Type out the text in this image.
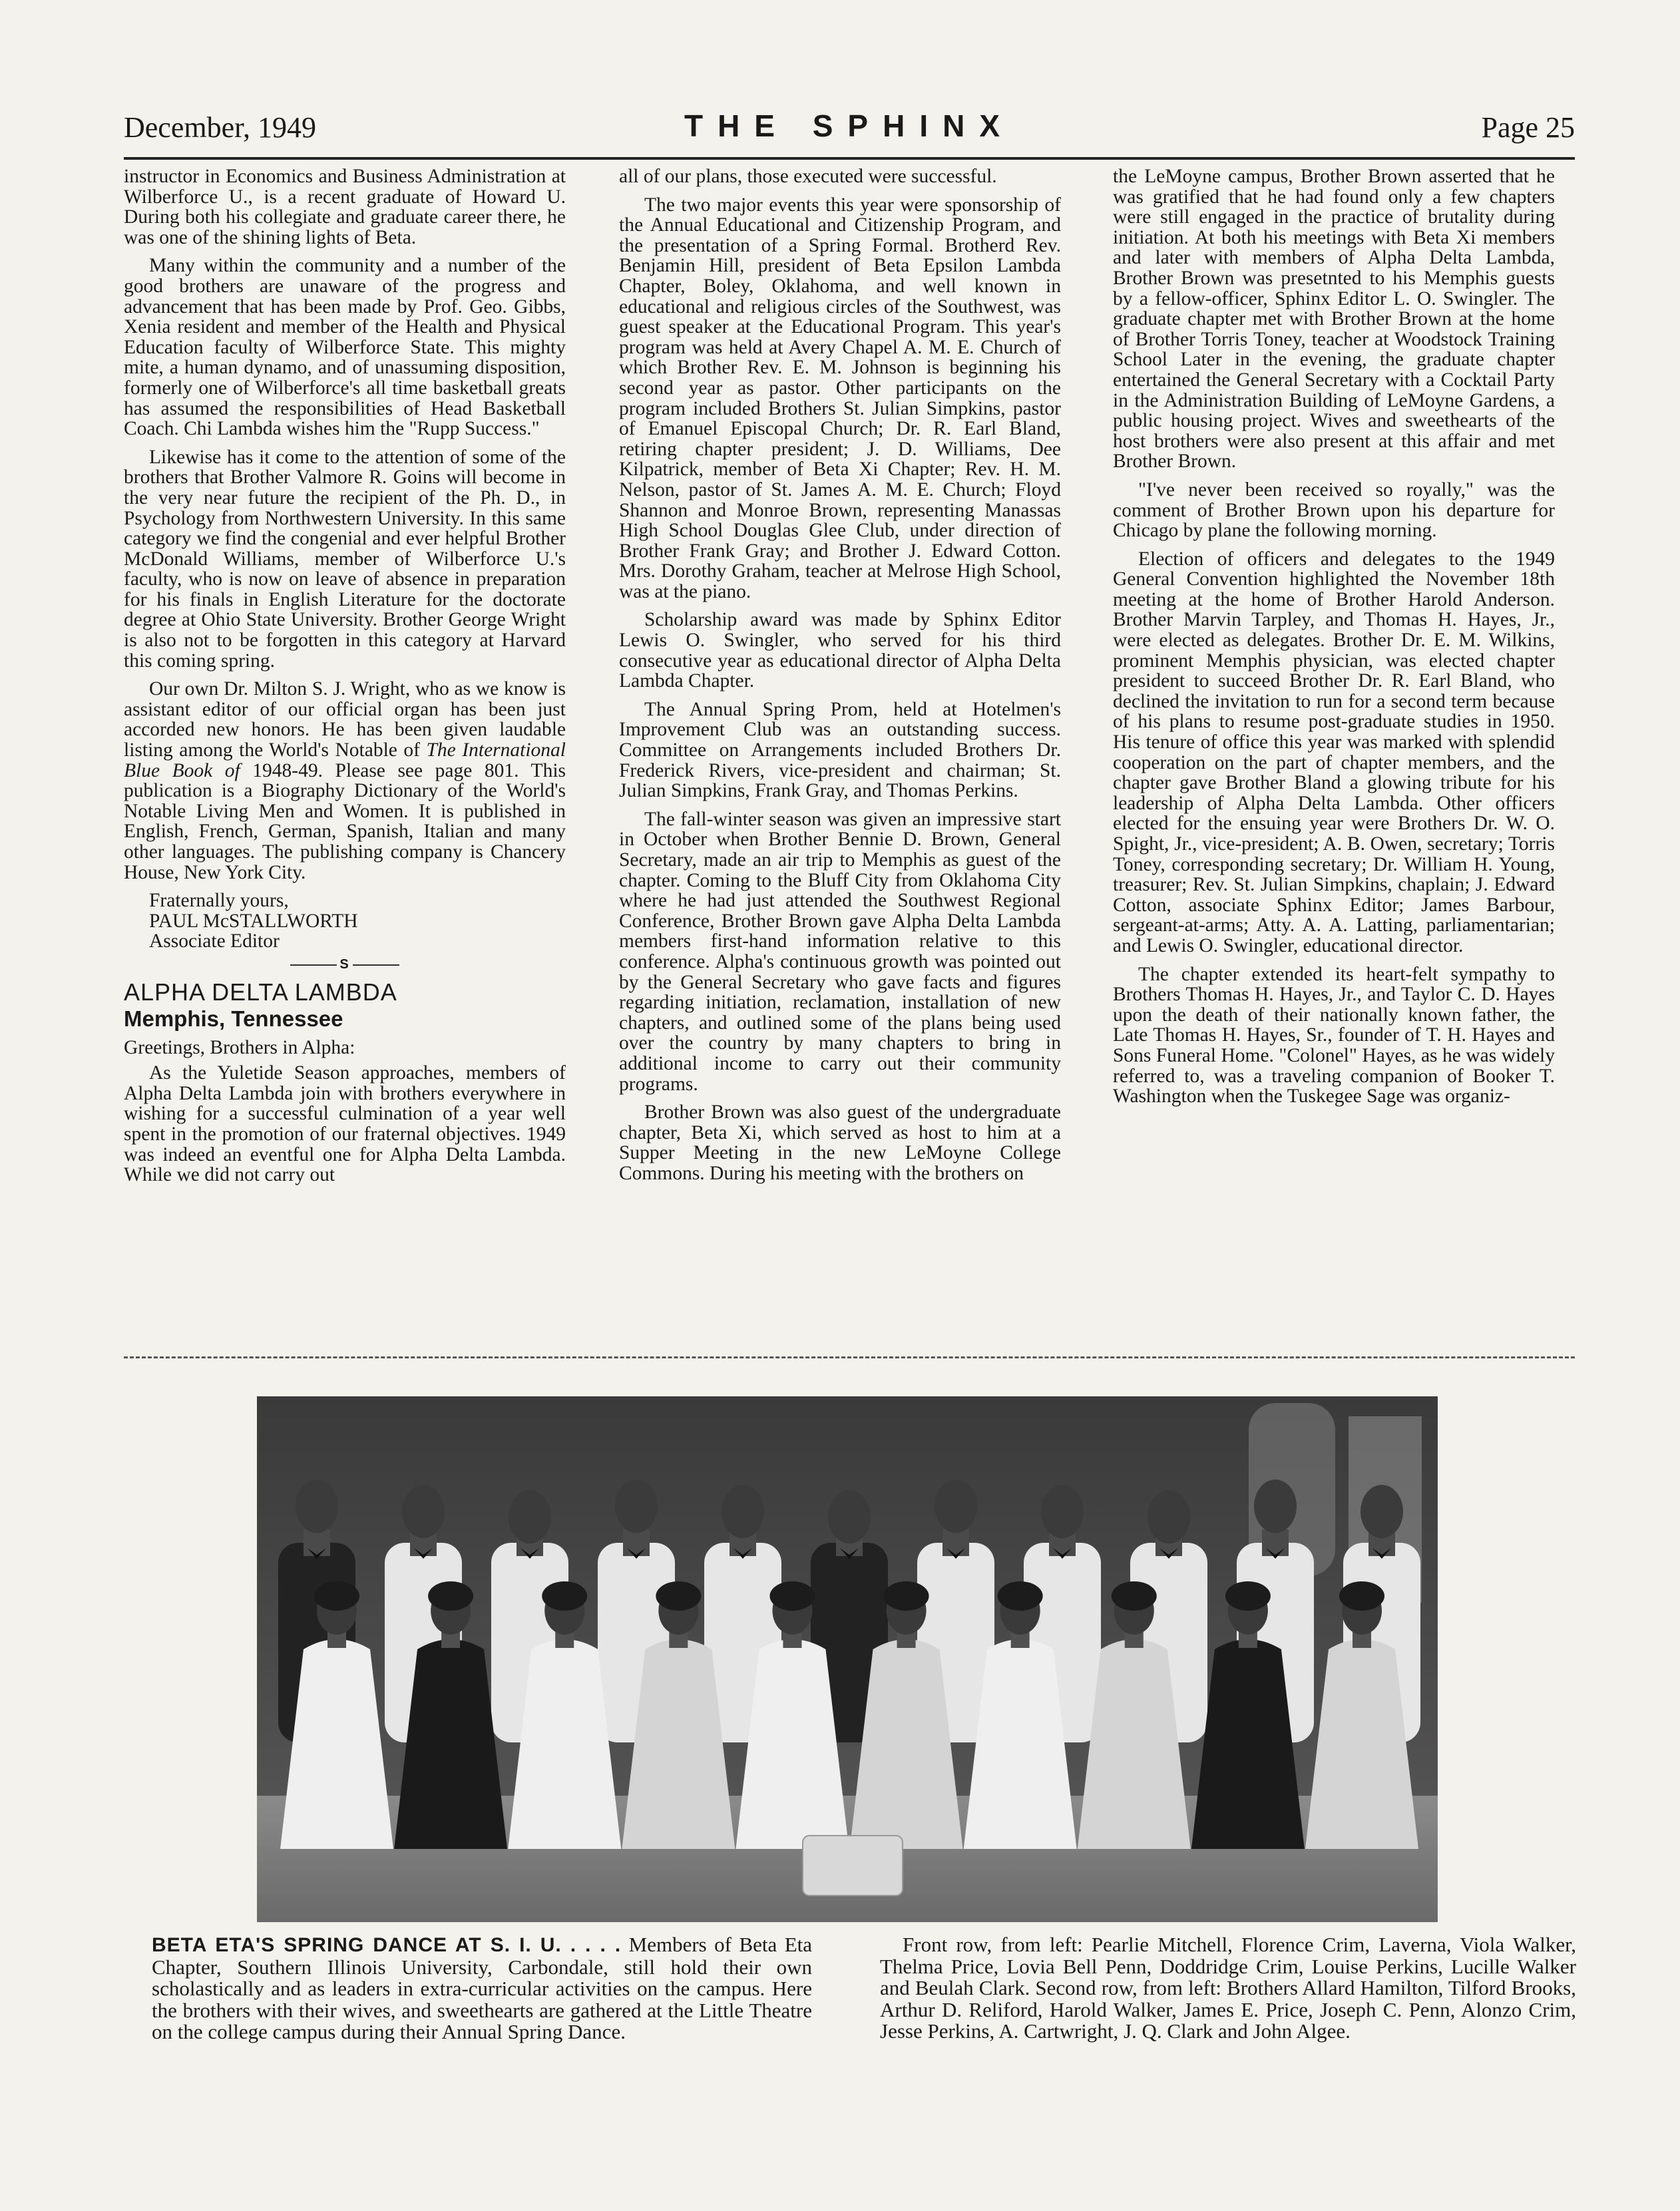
December, 1949	THE SPHINX	Page 25

instructor in Economics and Business Administration at Wilberforce U., is a recent graduate of Howard U. During both his collegiate and graduate career there, he was one of the shining lights of Beta.

Many within the community and a number of the good brothers are unaware of the progress and advancement that has been made by Prof. Geo. Gibbs, Xenia resident and member of the Health and Physical Education faculty of Wilberforce State. This mighty mite, a human dynamo, and of unassuming disposition, formerly one of Wilberforce's all time basketball greats has assumed the responsibilities of Head Basketball Coach. Chi Lambda wishes him the "Rupp Success."

Likewise has it come to the attention of some of the brothers that Brother Valmore R. Goins will become in the very near future the recipient of the Ph. D., in Psychology from Northwestern University. In this same category we find the congenial and ever helpful Brother McDonald Williams, member of Wilberforce U.'s faculty, who is now on leave of absence in preparation for his finals in English Literature for the doctorate degree at Ohio State University. Brother George Wright is also not to be forgotten in this category at Harvard this coming spring.

Our own Dr. Milton S. J. Wright, who as we know is assistant editor of our official organ has been just accorded new honors. He has been given laudable listing among the World's Notable of The International Blue Book of 1948-49. Please see page 801. This publication is a Biography Dictionary of the World's Notable Living Men and Women. It is published in English, French, German, Spanish, Italian and many other languages. The publishing company is Chancery House, New York City.

Fraternally yours,
PAUL McSTALLWORTH
Associate Editor
S
ALPHA DELTA LAMBDA
Memphis, Tennessee
Greetings, Brothers in Alpha:

As the Yuletide Season approaches, members of Alpha Delta Lambda join with brothers everywhere in wishing for a successful culmination of a year well spent in the promotion of our fraternal objectives. 1949 was indeed an eventful one for Alpha Delta Lambda. While we did not carry out

all of our plans, those executed were successful.

The two major events this year were sponsorship of the Annual Educational and Citizenship Program, and the presentation of a Spring Formal. Brotherd Rev. Benjamin Hill, president of Beta Epsilon Lambda Chapter, Boley, Oklahoma, and well known in educational and religious circles of the Southwest, was guest speaker at the Educational Program. This year's program was held at Avery Chapel A. M. E. Church of which Brother Rev. E. M. Johnson is beginning his second year as pastor. Other participants on the program included Brothers St. Julian Simpkins, pastor of Emanuel Episcopal Church; Dr. R. Earl Bland, retiring chapter president; J. D. Williams, Dee Kilpatrick, member of Beta Xi Chapter; Rev. H. M. Nelson, pastor of St. James A. M. E. Church; Floyd Shannon and Monroe Brown, representing Manassas High School Douglas Glee Club, under direction of Brother Frank Gray; and Brother J. Edward Cotton. Mrs. Dorothy Graham, teacher at Melrose High School, was at the piano.

Scholarship award was made by Sphinx Editor Lewis O. Swingler, who served for his third consecutive year as educational director of Alpha Delta Lambda Chapter.

The Annual Spring Prom, held at Hotelmen's Improvement Club was an outstanding success. Committee on Arrangements included Brothers Dr. Frederick Rivers, vice-president and chairman; St. Julian Simpkins, Frank Gray, and Thomas Perkins.

The fall-winter season was given an impressive start in October when Brother Bennie D. Brown, General Secretary, made an air trip to Memphis as guest of the chapter. Coming to the Bluff City from Oklahoma City where he had just attended the Southwest Regional Conference, Brother Brown gave Alpha Delta Lambda members first-hand information relative to this conference. Alpha's continuous growth was pointed out by the General Secretary who gave facts and figures regarding initiation, reclamation, installation of new chapters, and outlined some of the plans being used over the country by many chapters to bring in additional income to carry out their community programs.

Brother Brown was also guest of the undergraduate chapter, Beta Xi, which served as host to him at a Supper Meeting in the new LeMoyne College Commons. During his meeting with the brothers on

the LeMoyne campus, Brother Brown asserted that he was gratified that he had found only a few chapters were still engaged in the practice of brutality during initiation. At both his meetings with Beta Xi members and later with members of Alpha Delta Lambda, Brother Brown was presetnted to his Memphis guests by a fellow-officer, Sphinx Editor L. O. Swingler. The graduate chapter met with Brother Brown at the home of Brother Torris Toney, teacher at Woodstock Training School Later in the evening, the graduate chapter entertained the General Secretary with a Cocktail Party in the Administration Building of LeMoyne Gardens, a public housing project. Wives and sweethearts of the host brothers were also present at this affair and met Brother Brown.

"I've never been received so royally," was the comment of Brother Brown upon his departure for Chicago by plane the following morning.

Election of officers and delegates to the 1949 General Convention highlighted the November 18th meeting at the home of Brother Harold Anderson. Brother Marvin Tarpley, and Thomas H. Hayes, Jr., were elected as delegates. Brother Dr. E. M. Wilkins, prominent Memphis physician, was elected chapter president to succeed Brother Dr. R. Earl Bland, who declined the invitation to run for a second term because of his plans to resume post-graduate studies in 1950. His tenure of office this year was marked with splendid cooperation on the part of chapter members, and the chapter gave Brother Bland a glowing tribute for his leadership of Alpha Delta Lambda. Other officers elected for the ensuing year were Brothers Dr. W. O. Spight, Jr., vice-president; A. B. Owen, secretary; Torris Toney, corresponding secretary; Dr. William H. Young, treasurer; Rev. St. Julian Simpkins, chaplain; J. Edward Cotton, associate Sphinx Editor; James Barbour, sergeant-at-arms; Atty. A. A. Latting, parliamentarian; and Lewis O. Swingler, educational director.

The chapter extended its heart-felt sympathy to Brothers Thomas H. Hayes, Jr., and Taylor C. D. Hayes upon the death of their nationally known father, the Late Thomas H. Hayes, Sr., founder of T. H. Hayes and Sons Funeral Home. "Colonel" Hayes, as he was widely referred to, was a traveling companion of Booker T. Washington when the Tuskegee Sage was organiz-

BETA ETA'S SPRING DANCE AT S. I. U. . . . . Members of Beta Eta Chapter, Southern Illinois University, Carbondale, still hold their own scholastically and as leaders in extra-curricular activities on the campus. Here the brothers with their wives, and sweethearts are gathered at the Little Theatre on the college campus during their Annual Spring Dance.
Front row, from left: Pearlie Mitchell, Florence Crim, Laverna, Viola Walker, Thelma Price, Lovia Bell Penn, Doddridge Crim, Louise Perkins, Lucille Walker and Beulah Clark. Second row, from left: Brothers Allard Hamilton, Tilford Brooks, Arthur D. Reliford, Harold Walker, James E. Price, Joseph C. Penn, Alonzo Crim, Jesse Perkins, A. Cartwright, J. Q. Clark and John Algee.
